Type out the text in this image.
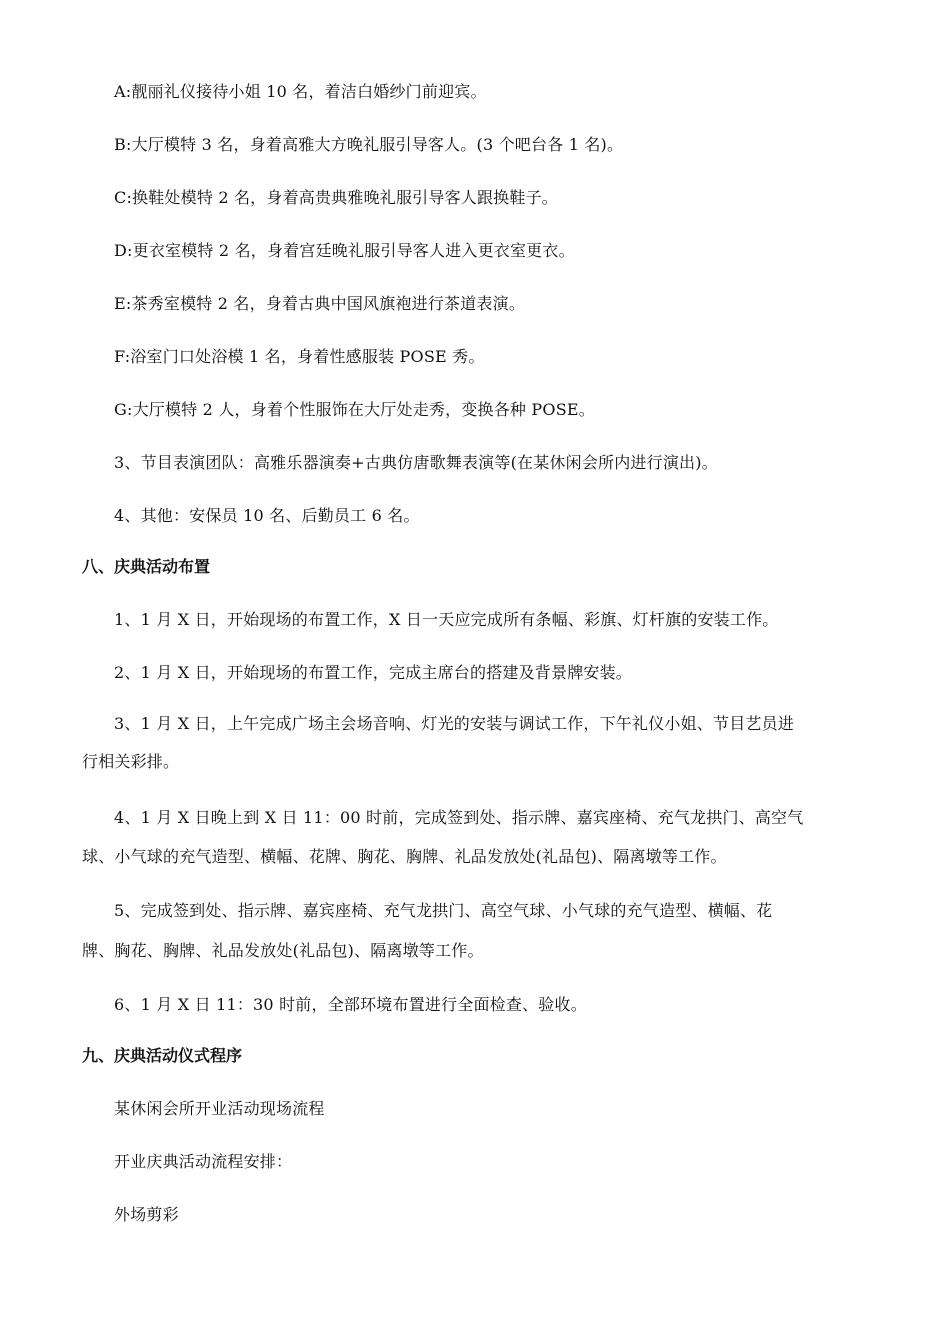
A:靓丽礼仪接待小姐 10 名，着洁白婚纱门前迎宾。
B:大厅模特 3 名，身着高雅大方晚礼服引导客人。(3 个吧台各 1 名)。
C:换鞋处模特 2 名，身着高贵典雅晚礼服引导客人跟换鞋子。
D:更衣室模特 2 名，身着宫廷晚礼服引导客人进入更衣室更衣。
E:茶秀室模特 2 名，身着古典中国风旗袍进行茶道表演。
F:浴室门口处浴模 1 名，身着性感服装 POSE 秀。
G:大厅模特 2 人，身着个性服饰在大厅处走秀，变换各种 POSE。
3、节目表演团队：高雅乐器演奏+古典仿唐歌舞表演等(在某休闲会所内进行演出)。
4、其他：安保员 10 名、后勤员工 6 名。
八、庆典活动布置
1、1 月 X 日，开始现场的布置工作，X 日一天应完成所有条幅、彩旗、灯杆旗的安装工作。
2、1 月 X 日，开始现场的布置工作，完成主席台的搭建及背景牌安装。
3、1 月 X 日，上午完成广场主会场音响、灯光的安装与调试工作，下午礼仪小姐、节目艺员进
行相关彩排。
4、1 月 X 日晚上到 X 日 11：00 时前，完成签到处、指示牌、嘉宾座椅、充气龙拱门、高空气
球、小气球的充气造型、横幅、花牌、胸花、胸牌、礼品发放处(礼品包)、隔离墩等工作。
5、完成签到处、指示牌、嘉宾座椅、充气龙拱门、高空气球、小气球的充气造型、横幅、花
牌、胸花、胸牌、礼品发放处(礼品包)、隔离墩等工作。
6、1 月 X 日 11：30 时前，全部环境布置进行全面检查、验收。
九、庆典活动仪式程序
某休闲会所开业活动现场流程
开业庆典活动流程安排：
外场剪彩
